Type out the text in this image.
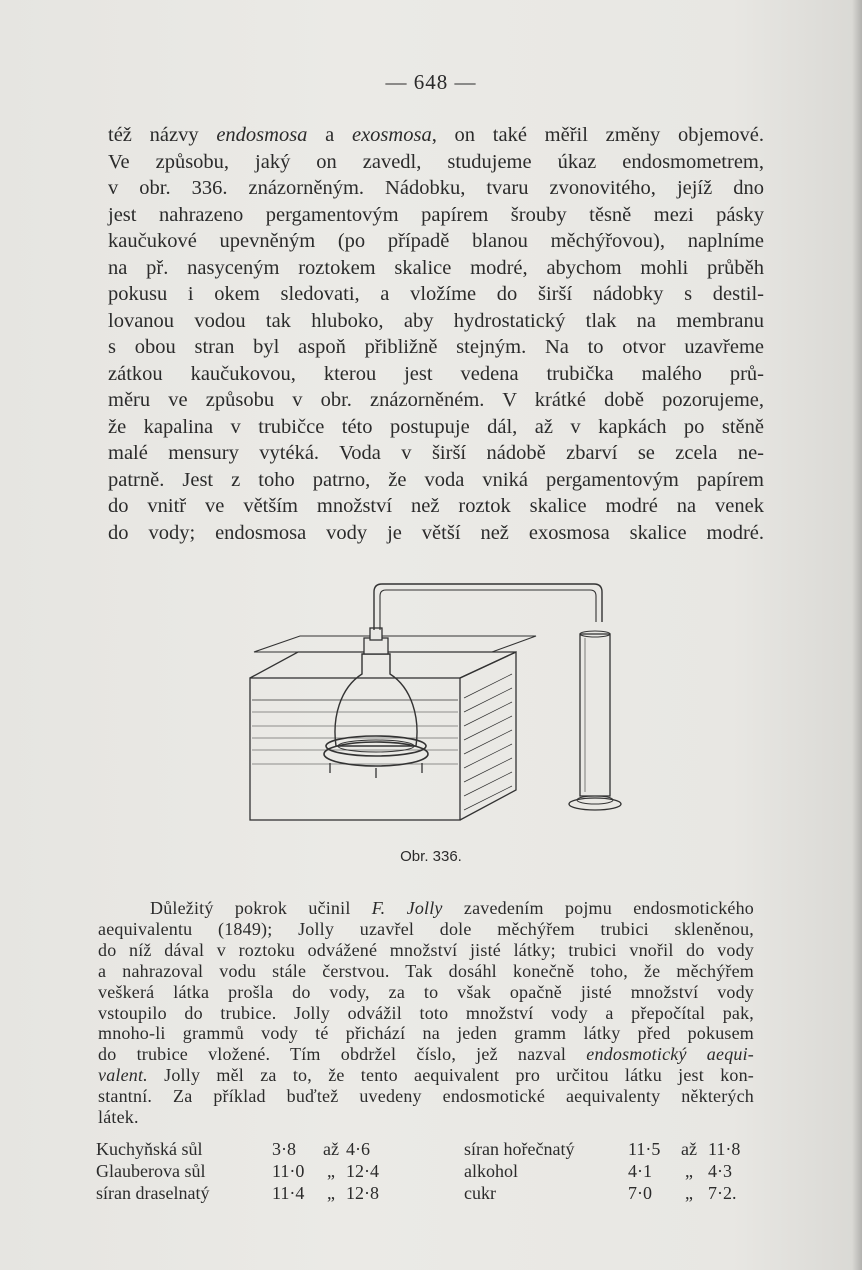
— 648 —
též názvy endosmosa a exosmosa, on také měřil změny objemové.
Ve způsobu, jaký on zavedl, studujeme úkaz endosmometrem,
v obr. 336. znázorněným. Nádobku, tvaru zvonovitého, jejíž dno
jest nahrazeno pergamentovým papírem šrouby těsně mezi pásky
kaučukové upevněným (po případě blanou měchýřovou), naplníme
na př. nasyceným roztokem skalice modré, abychom mohli průběh
pokusu i okem sledovati, a vložíme do širší nádobky s destil-
lovanou vodou tak hluboko, aby hydrostatický tlak na membranu
s obou stran byl aspoň přibližně stejným. Na to otvor uzavřeme
zátkou kaučukovou, kterou jest vedena trubička malého prů-
měru ve způsobu v obr. znázorněném. V krátké době pozorujeme,
že kapalina v trubičce této postupuje dál, až v kapkách po stěně
malé mensury vytéká. Voda v širší nádobě zbarví se zcela ne-
patrně. Jest z toho patrno, že voda vniká pergamentovým papírem
do vnitř ve větším množství než roztok skalice modré na venek
do vody; endosmosa vody je větší než exosmosa skalice modré.
Obr. 336.
Důležitý pokrok učinil F. Jolly zavedením pojmu endosmotického
aequivalentu (1849); Jolly uzavřel dole měchýřem trubici skleněnou,
do níž dával v roztoku odvážené množství jisté látky; trubici vnořil do vody
a nahrazoval vodu stále čerstvou. Tak dosáhl konečně toho, že měchýřem
veškerá látka prošla do vody, za to však opačně jisté množství vody
vstoupilo do trubice. Jolly odvážil toto množství vody a přepočítal pak,
mnoho-li grammů vody té přichází na jeden gramm látky před pokusem
do trubice vložené. Tím obdržel číslo, jež nazval endosmotický aequi-
valent. Jolly měl za to, že tento aequivalent pro určitou látku jest kon-
stantní. Za příklad buďtež uvedeny endosmotické aequivalenty některých
látek.
Kuchyňská sůl	3·8	až 4·6	síran hořečnatý	11·5	až 11·8
Glauberova sůl	11·0	„ 12·4	alkohol	4·1	„ 4·3
síran draselnatý	11·4	„ 12·8	cukr	7·0	„ 7·2.
